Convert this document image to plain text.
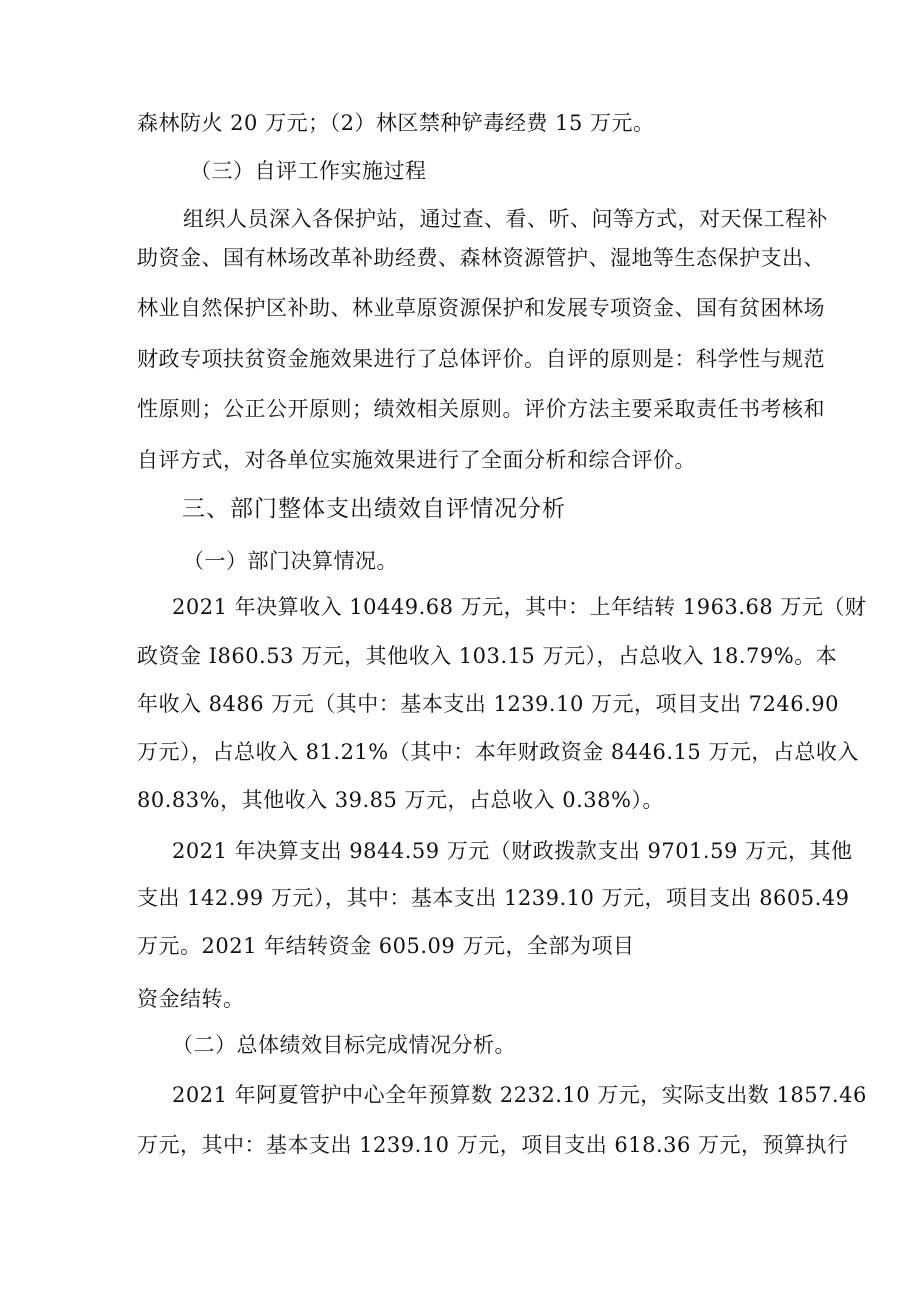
森林防火 20 万元；（2）林区禁种铲毒经费 15 万元。
（三）自评工作实施过程
组织人员深入各保护站，通过查、看、听、问等方式，对天保工程补
助资金、国有林场改革补助经费、森林资源管护、湿地等生态保护支出、
林业自然保护区补助、林业草原资源保护和发展专项资金、国有贫困林场
财政专项扶贫资金施效果进行了总体评价。自评的原则是：科学性与规范
性原则；公正公开原则；绩效相关原则。评价方法主要采取责任书考核和
自评方式，对各单位实施效果进行了全面分析和综合评价。
三、部门整体支出绩效自评情况分析
（一）部门决算情况。
2021 年决算收入 10449.68 万元，其中：上年结转 1963.68 万元（财
政资金 I860.53 万元，其他收入 103.15 万元），占总收入 18.79%。本
年收入 8486 万元（其中：基本支出 1239.10 万元，项目支出 7246.90
万元），占总收入 81.21%（其中：本年财政资金 8446.15 万元，占总收入
80.83%，其他收入 39.85 万元，占总收入 0.38%）。
2021 年决算支出 9844.59 万元（财政拨款支出 9701.59 万元，其他
支出 142.99 万元），其中：基本支出 1239.10 万元，项目支出 8605.49
万元。2021 年结转资金 605.09 万元，全部为项目
资金结转。
（二）总体绩效目标完成情况分析。
2021 年阿夏管护中心全年预算数 2232.10 万元，实际支出数 1857.46
万元，其中：基本支出 1239.10 万元，项目支出 618.36 万元，预算执行
